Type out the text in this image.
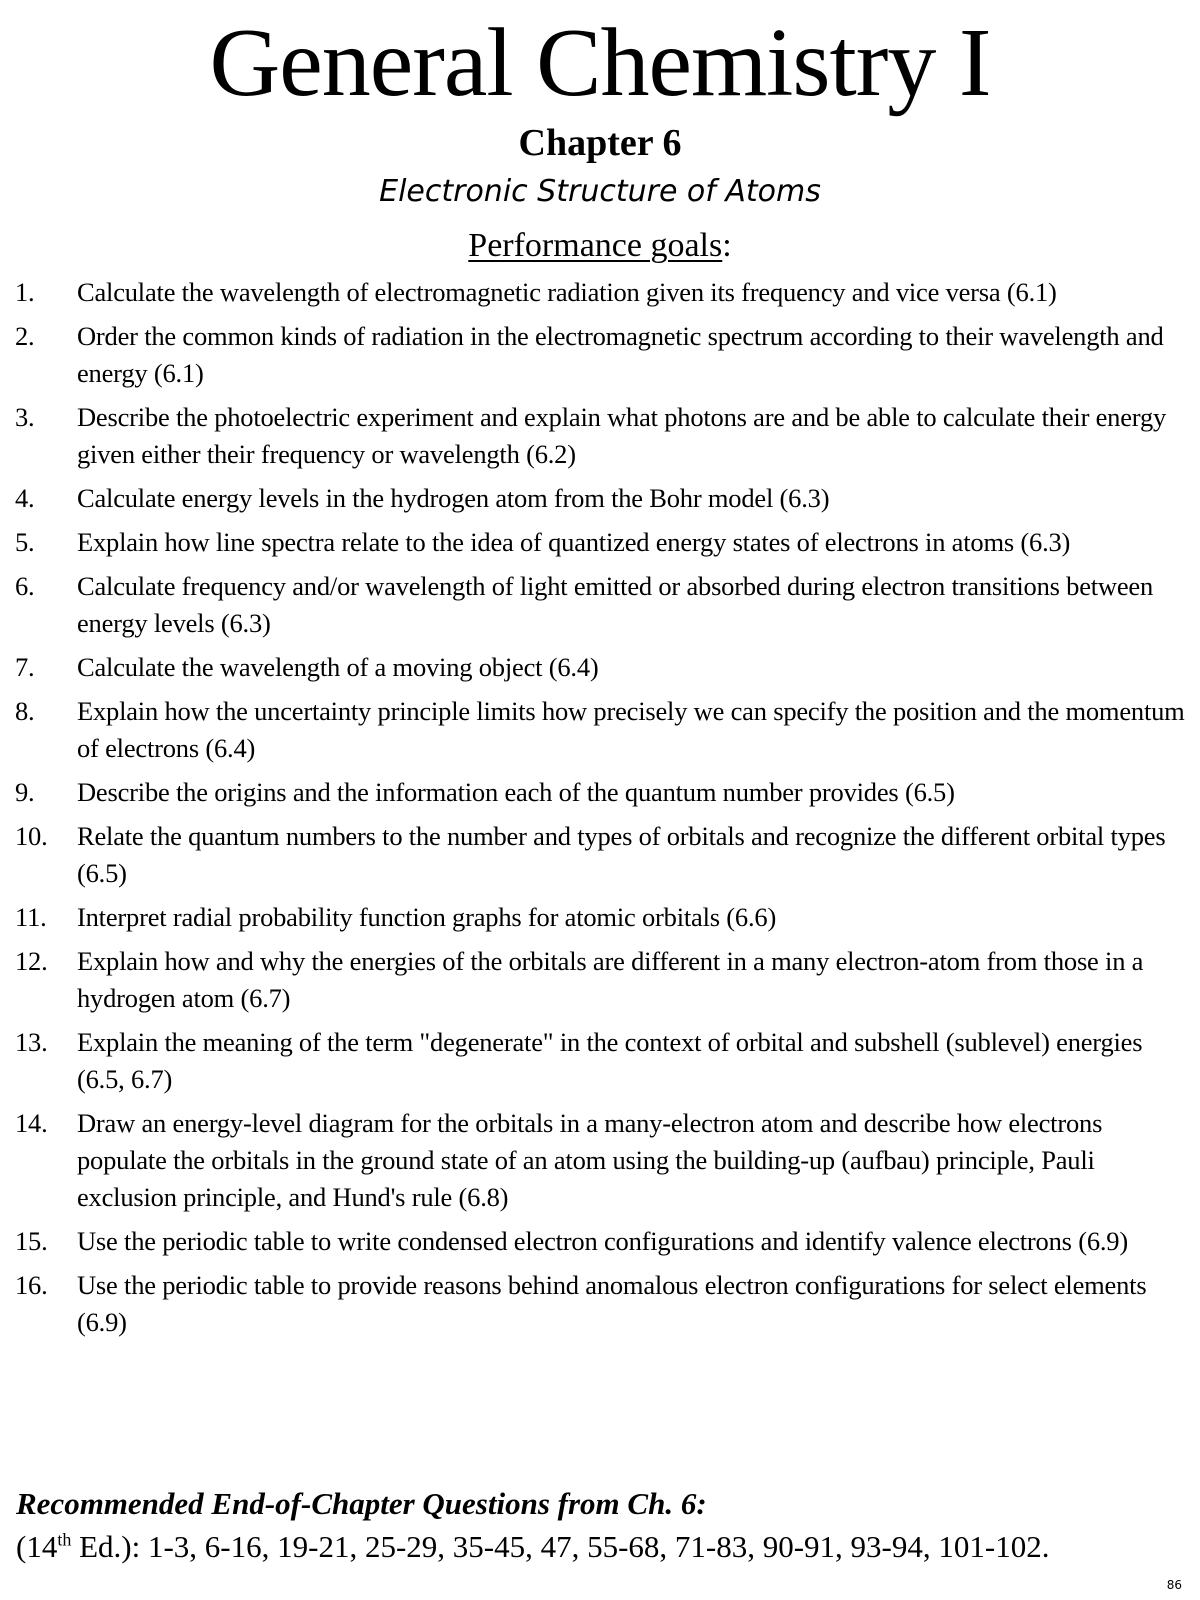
General Chemistry I
Chapter 6
Electronic Structure of Atoms
Performance goals:
1. Calculate the wavelength of electromagnetic radiation given its frequency and vice versa (6.1)
2. Order the common kinds of radiation in the electromagnetic spectrum according to their wavelength and energy (6.1)
3. Describe the photoelectric experiment and explain what photons are and be able to calculate their energy given either their frequency or wavelength (6.2)
4. Calculate energy levels in the hydrogen atom from the Bohr model (6.3)
5. Explain how line spectra relate to the idea of quantized energy states of electrons in atoms (6.3)
6. Calculate frequency and/or wavelength of light emitted or absorbed during electron transitions between energy levels (6.3)
7. Calculate the wavelength of a moving object (6.4)
8. Explain how the uncertainty principle limits how precisely we can specify the position and the momentum of electrons (6.4)
9. Describe the origins and the information each of the quantum number provides (6.5)
10. Relate the quantum numbers to the number and types of orbitals and recognize the different orbital types (6.5)
11. Interpret radial probability function graphs for atomic orbitals (6.6)
12. Explain how and why the energies of the orbitals are different in a many electron-atom from those in a hydrogen atom (6.7)
13. Explain the meaning of the term "degenerate" in the context of orbital and subshell (sublevel) energies (6.5, 6.7)
14. Draw an energy-level diagram for the orbitals in a many-electron atom and describe how electrons populate the orbitals in the ground state of an atom using the building-up (aufbau) principle, Pauli exclusion principle, and Hund's rule (6.8)
15. Use the periodic table to write condensed electron configurations and identify valence electrons (6.9)
16. Use the periodic table to provide reasons behind anomalous electron configurations for select elements (6.9)
Recommended End-of-Chapter Questions from Ch. 6:
(14th Ed.): 1-3, 6-16, 19-21, 25-29, 35-45, 47, 55-68, 71-83, 90-91, 93-94, 101-102.
86
